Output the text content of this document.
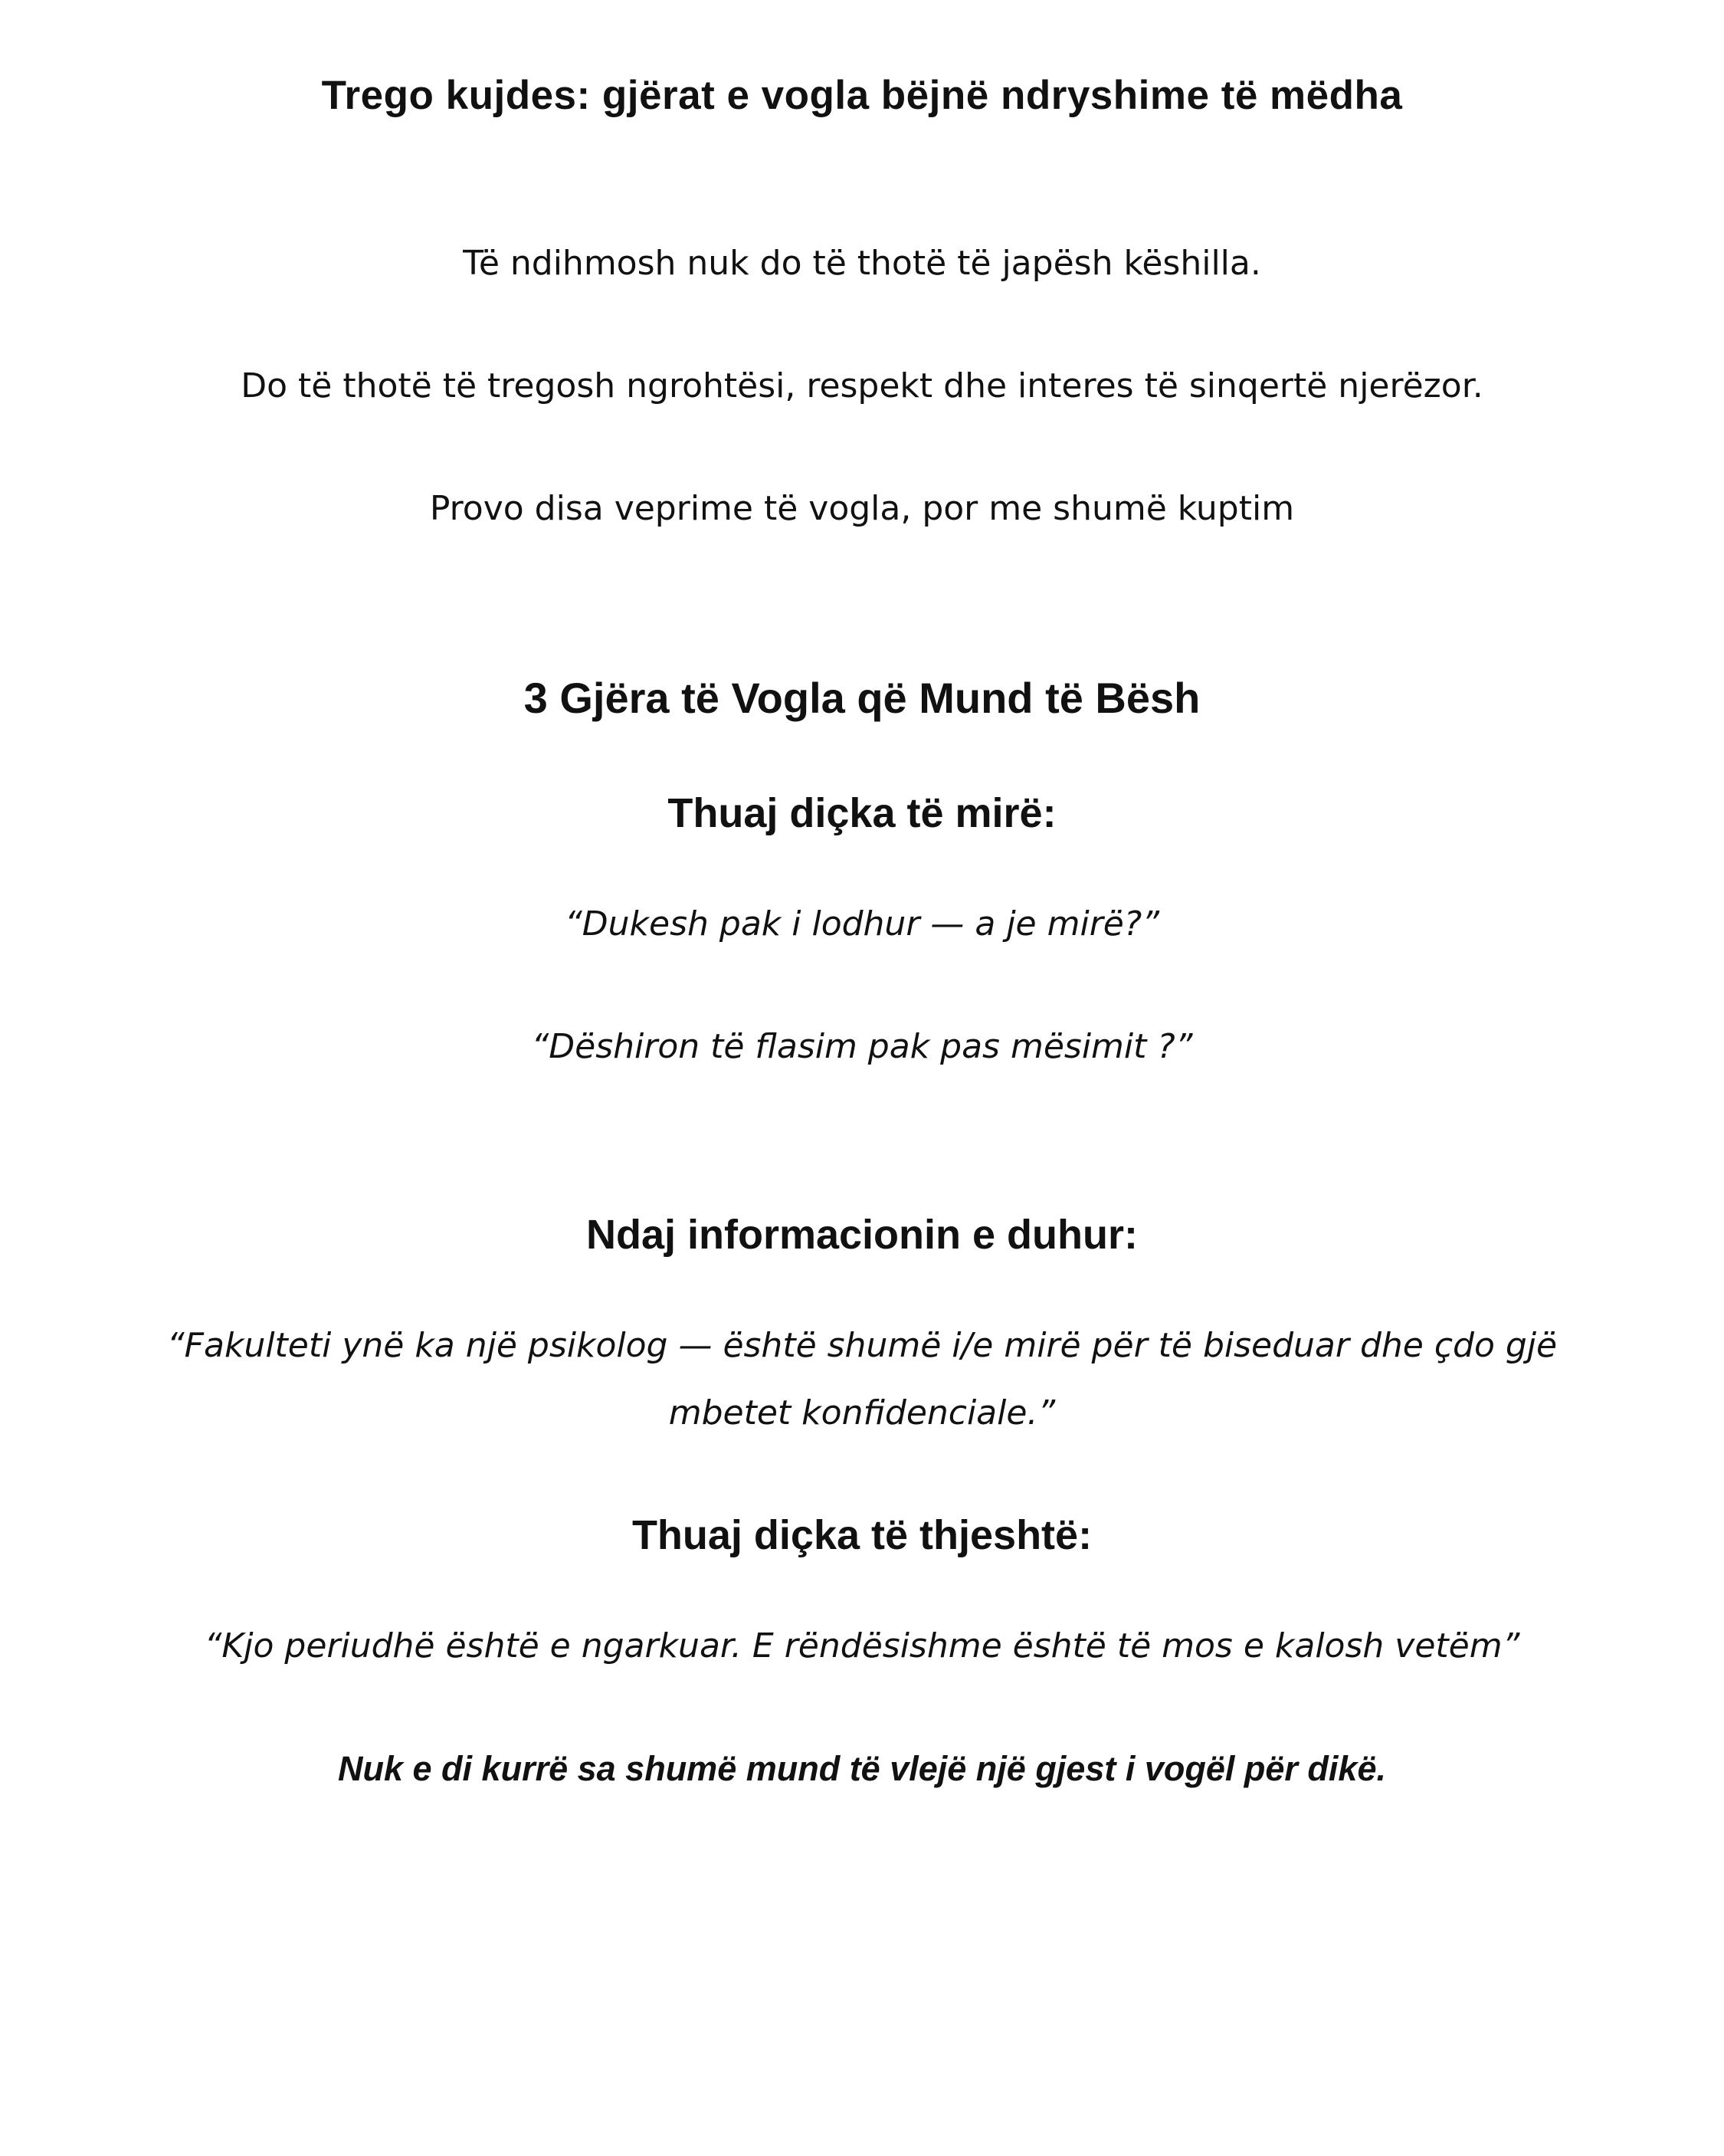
Trego kujdes: gjërat e vogla bëjnë ndryshime të mëdha
Të ndihmosh nuk do të thotë të japësh këshilla.
Do të thotë të tregosh ngrohtësi, respekt dhe interes të sinqertë njerëzor.
Provo disa veprime të vogla, por me shumë kuptim
3 Gjëra të Vogla që Mund të Bësh
Thuaj diçka të mirë:
“Dukesh pak i lodhur — a je mirë?”
“Dëshiron të flasim pak pas mësimit ?”
Ndaj informacionin e duhur:
“Fakulteti ynë ka një psikolog — është shumë i/e mirë për të biseduar dhe çdo gjë mbetet konfidenciale.”
Thuaj diçka të thjeshtë:
“Kjo periudhë është e ngarkuar. E rëndësishme është të mos e kalosh vetëm”
Nuk e di kurrë sa shumë mund të vlejë një gjest i vogël për dikë.
